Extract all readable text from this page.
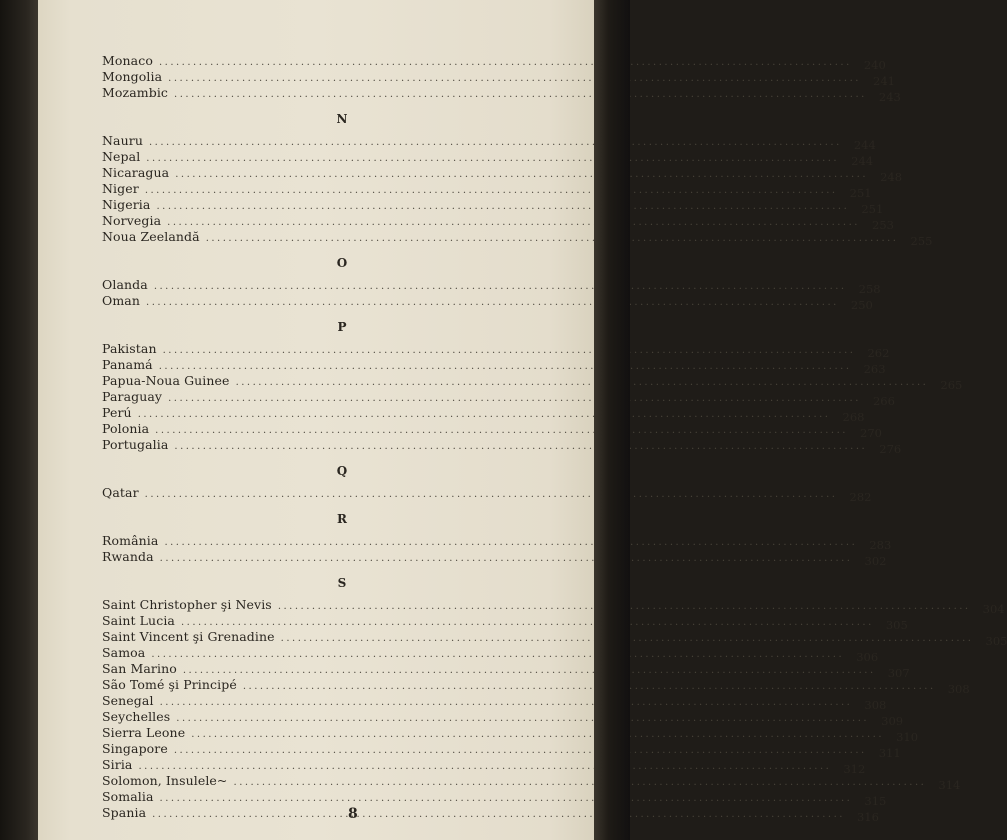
Monaco .....	240
Mongolia .....	241
Mozambic .....	243
N
Nauru .....	244
Nepal .....	244
Nicaragua .....	248
Niger .....	251
Nigeria .....	251
Norvegia .....	253
Noua Zeelandă .....	255
O
Olanda .....	258
Oman .....	250
P
Pakistan .....	262
Panamá .....	263
Papua-Noua Guinee .....	265
Paraguay .....	266
Perú .....	268
Polonia .....	270
Portugalia .....	276
Q
Qatar .....	282
R
România .....	283
Rwanda .....	302
S
Saint Christopher şi Nevis .....	304
Saint Lucia .....	305
Saint Vincent şi Grenadine .....	305
Samoa .....	306
San Marino .....	307
São Tomé şi Principé .....	308
Senegal .....	308
Seychelles .....	309
Sierra Leone .....	310
Singapore .....	311
Siria .....	312
Solomon, Insulele~ .....	314
Somalia .....	315
Spania .....	316
8
